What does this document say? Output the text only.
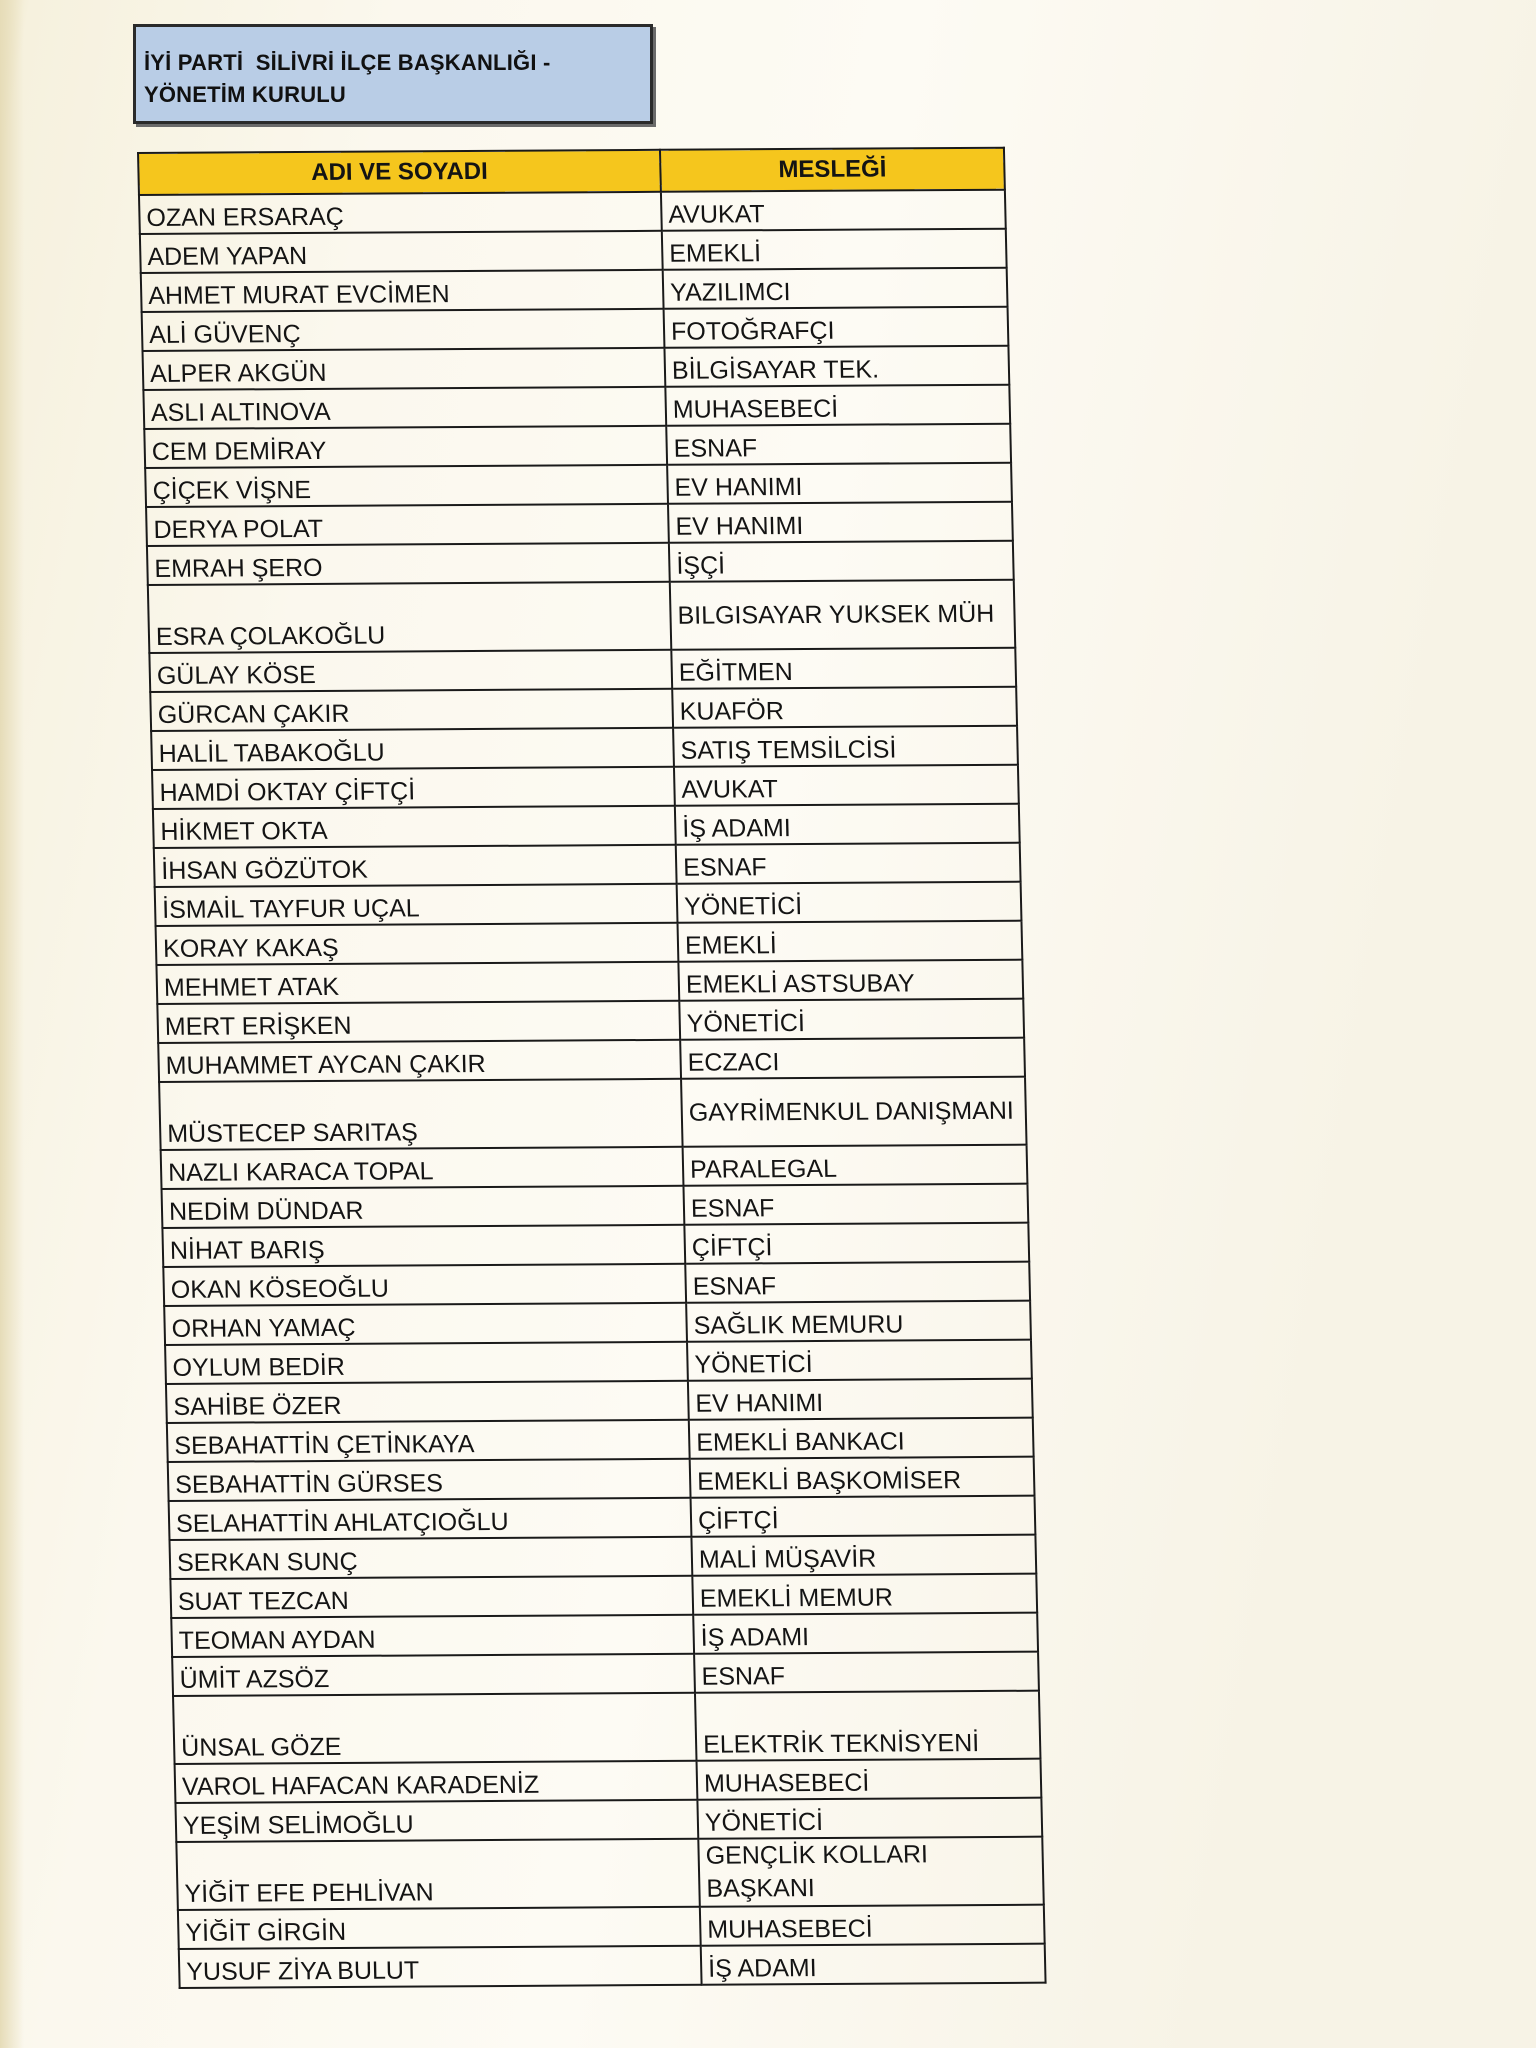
İYİ PARTİ  SİLİVRİ İLÇE BAŞKANLIĞI -
YÖNETİM KURULU
ADI VE SOYADI	MESLEĞİ
OZAN ERSARAÇ	AVUKAT
ADEM YAPAN	EMEKLİ
AHMET MURAT EVCİMEN	YAZILIMCI
ALİ GÜVENÇ	FOTOĞRAFÇI
ALPER AKGÜN	BİLGİSAYAR TEK.
ASLI ALTINOVA	MUHASEBECİ
CEM DEMİRAY	ESNAF
ÇİÇEK VİŞNE	EV HANIMI
DERYA POLAT	EV HANIMI
EMRAH ŞERO	İŞÇİ
ESRA ÇOLAKOĞLU	BILGISAYAR YUKSEK MÜH
GÜLAY KÖSE	EĞİTMEN
GÜRCAN ÇAKIR	KUAFÖR
HALİL TABAKOĞLU	SATIŞ TEMSİLCİSİ
HAMDİ OKTAY ÇİFTÇİ	AVUKAT
HİKMET OKTA	İŞ ADAMI
İHSAN GÖZÜTOK	ESNAF
İSMAİL TAYFUR UÇAL	YÖNETİCİ
KORAY KAKAŞ	EMEKLİ
MEHMET ATAK	EMEKLİ ASTSUBAY
MERT ERİŞKEN	YÖNETİCİ
MUHAMMET AYCAN ÇAKIR	ECZACI
MÜSTECEP SARITAŞ	GAYRİMENKUL DANIŞMANI
NAZLI KARACA TOPAL	PARALEGAL
NEDİM DÜNDAR	ESNAF
NİHAT BARIŞ	ÇİFTÇİ
OKAN KÖSEOĞLU	ESNAF
ORHAN YAMAÇ	SAĞLIK MEMURU
OYLUM BEDİR	YÖNETİCİ
SAHİBE ÖZER	EV HANIMI
SEBAHATTİN ÇETİNKAYA	EMEKLİ BANKACI
SEBAHATTİN GÜRSES	EMEKLİ BAŞKOMİSER
SELAHATTİN AHLATÇIOĞLU	ÇİFTÇİ
SERKAN SUNÇ	MALİ MÜŞAVİR
SUAT TEZCAN	EMEKLİ MEMUR
TEOMAN AYDAN	İŞ ADAMI
ÜMİT AZSÖZ	ESNAF
ÜNSAL GÖZE	ELEKTRİK TEKNİSYENİ
VAROL HAFACAN KARADENİZ	MUHASEBECİ
YEŞİM SELİMOĞLU	YÖNETİCİ
YİĞİT EFE PEHLİVAN	GENÇLİK KOLLARI BAŞKANI
YİĞİT GİRGİN	MUHASEBECİ
YUSUF ZİYA BULUT	İŞ ADAMI
